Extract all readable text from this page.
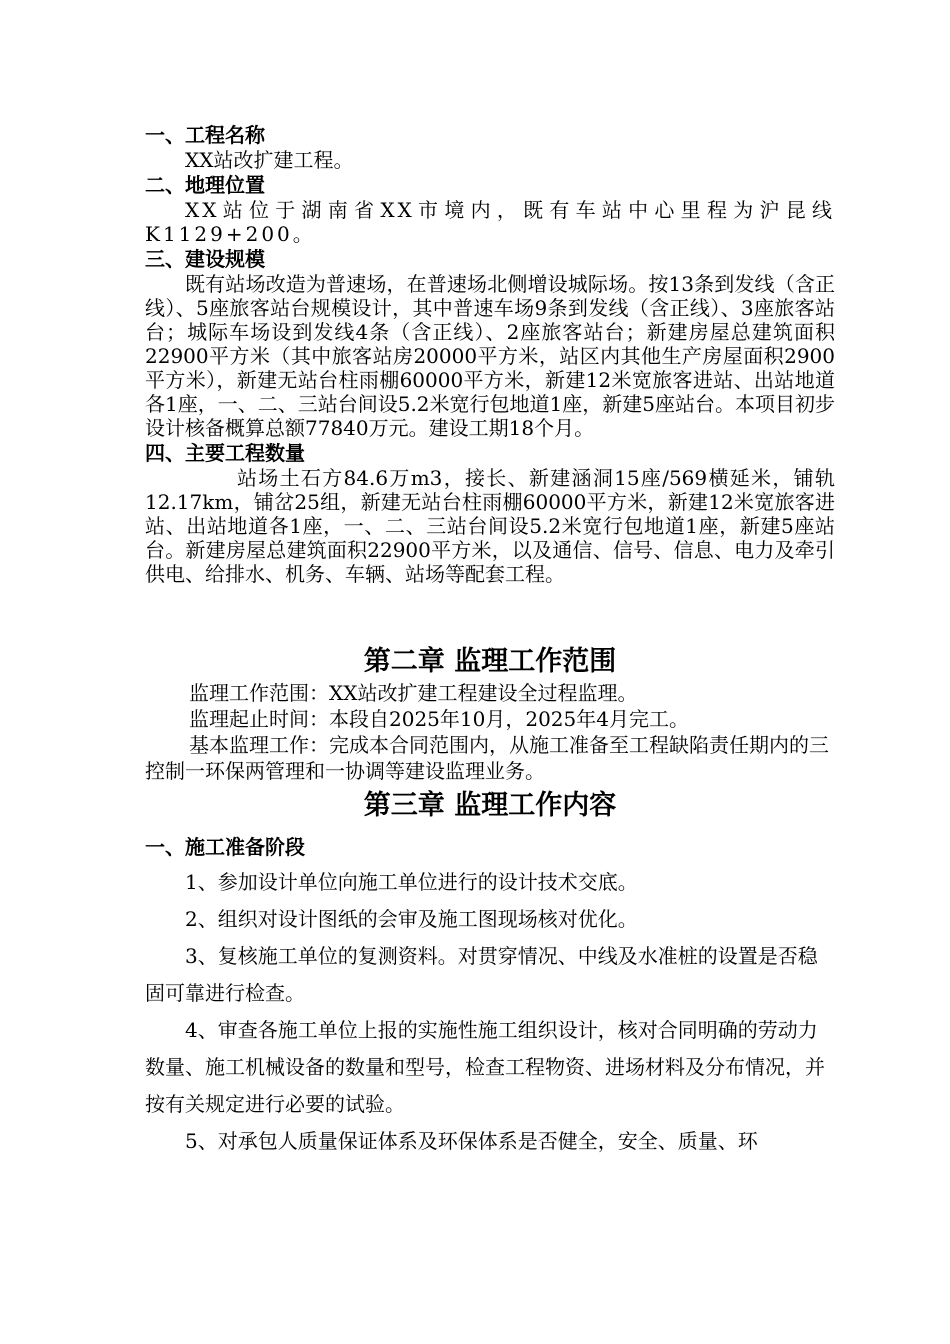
一、工程名称

XX站改扩建工程。

二、地理位置

XX站位于湖南省XX市境内，既有车站中心里程为沪昆线K1129+200。

三、建设规模

既有站场改造为普速场，在普速场北侧增设城际场。按13条到发线（含正线）、5座旅客站台规模设计，其中普速车场9条到发线（含正线）、3座旅客站台；城际车场设到发线4条（含正线）、2座旅客站台；新建房屋总建筑面积22900平方米（其中旅客站房20000平方米，站区内其他生产房屋面积2900平方米），新建无站台柱雨棚60000平方米，新建12米宽旅客进站、出站地道各1座，一、二、三站台间设5.2米宽行包地道1座，新建5座站台。本项目初步设计核备概算总额77840万元。建设工期18个月。

四、主要工程数量

站场土石方84.6万m3，接长、新建涵洞15座/569横延米，铺轨12.17km，铺岔25组，新建无站台柱雨棚60000平方米，新建12米宽旅客进站、出站地道各1座，一、二、三站台间设5.2米宽行包地道1座，新建5座站台。新建房屋总建筑面积22900平方米，以及通信、信号、信息、电力及牵引供电、给排水、机务、车辆、站场等配套工程。

第二章 监理工作范围

监理工作范围：XX站改扩建工程建设全过程监理。

监理起止时间：本段自2025年10月，2025年4月完工。

基本监理工作：完成本合同范围内，从施工准备至工程缺陷责任期内的三控制一环保两管理和一协调等建设监理业务。

第三章 监理工作内容
一、施工准备阶段

1、参加设计单位向施工单位进行的设计技术交底。

2、组织对设计图纸的会审及施工图现场核对优化。

3、复核施工单位的复测资料。对贯穿情况、中线及水准桩的设置是否稳固可靠进行检查。

4、审查各施工单位上报的实施性施工组织设计，核对合同明确的劳动力数量、施工机械设备的数量和型号，检查工程物资、进场材料及分布情况，并按有关规定进行必要的试验。

5、对承包人质量保证体系及环保体系是否健全，安全、质量、环
